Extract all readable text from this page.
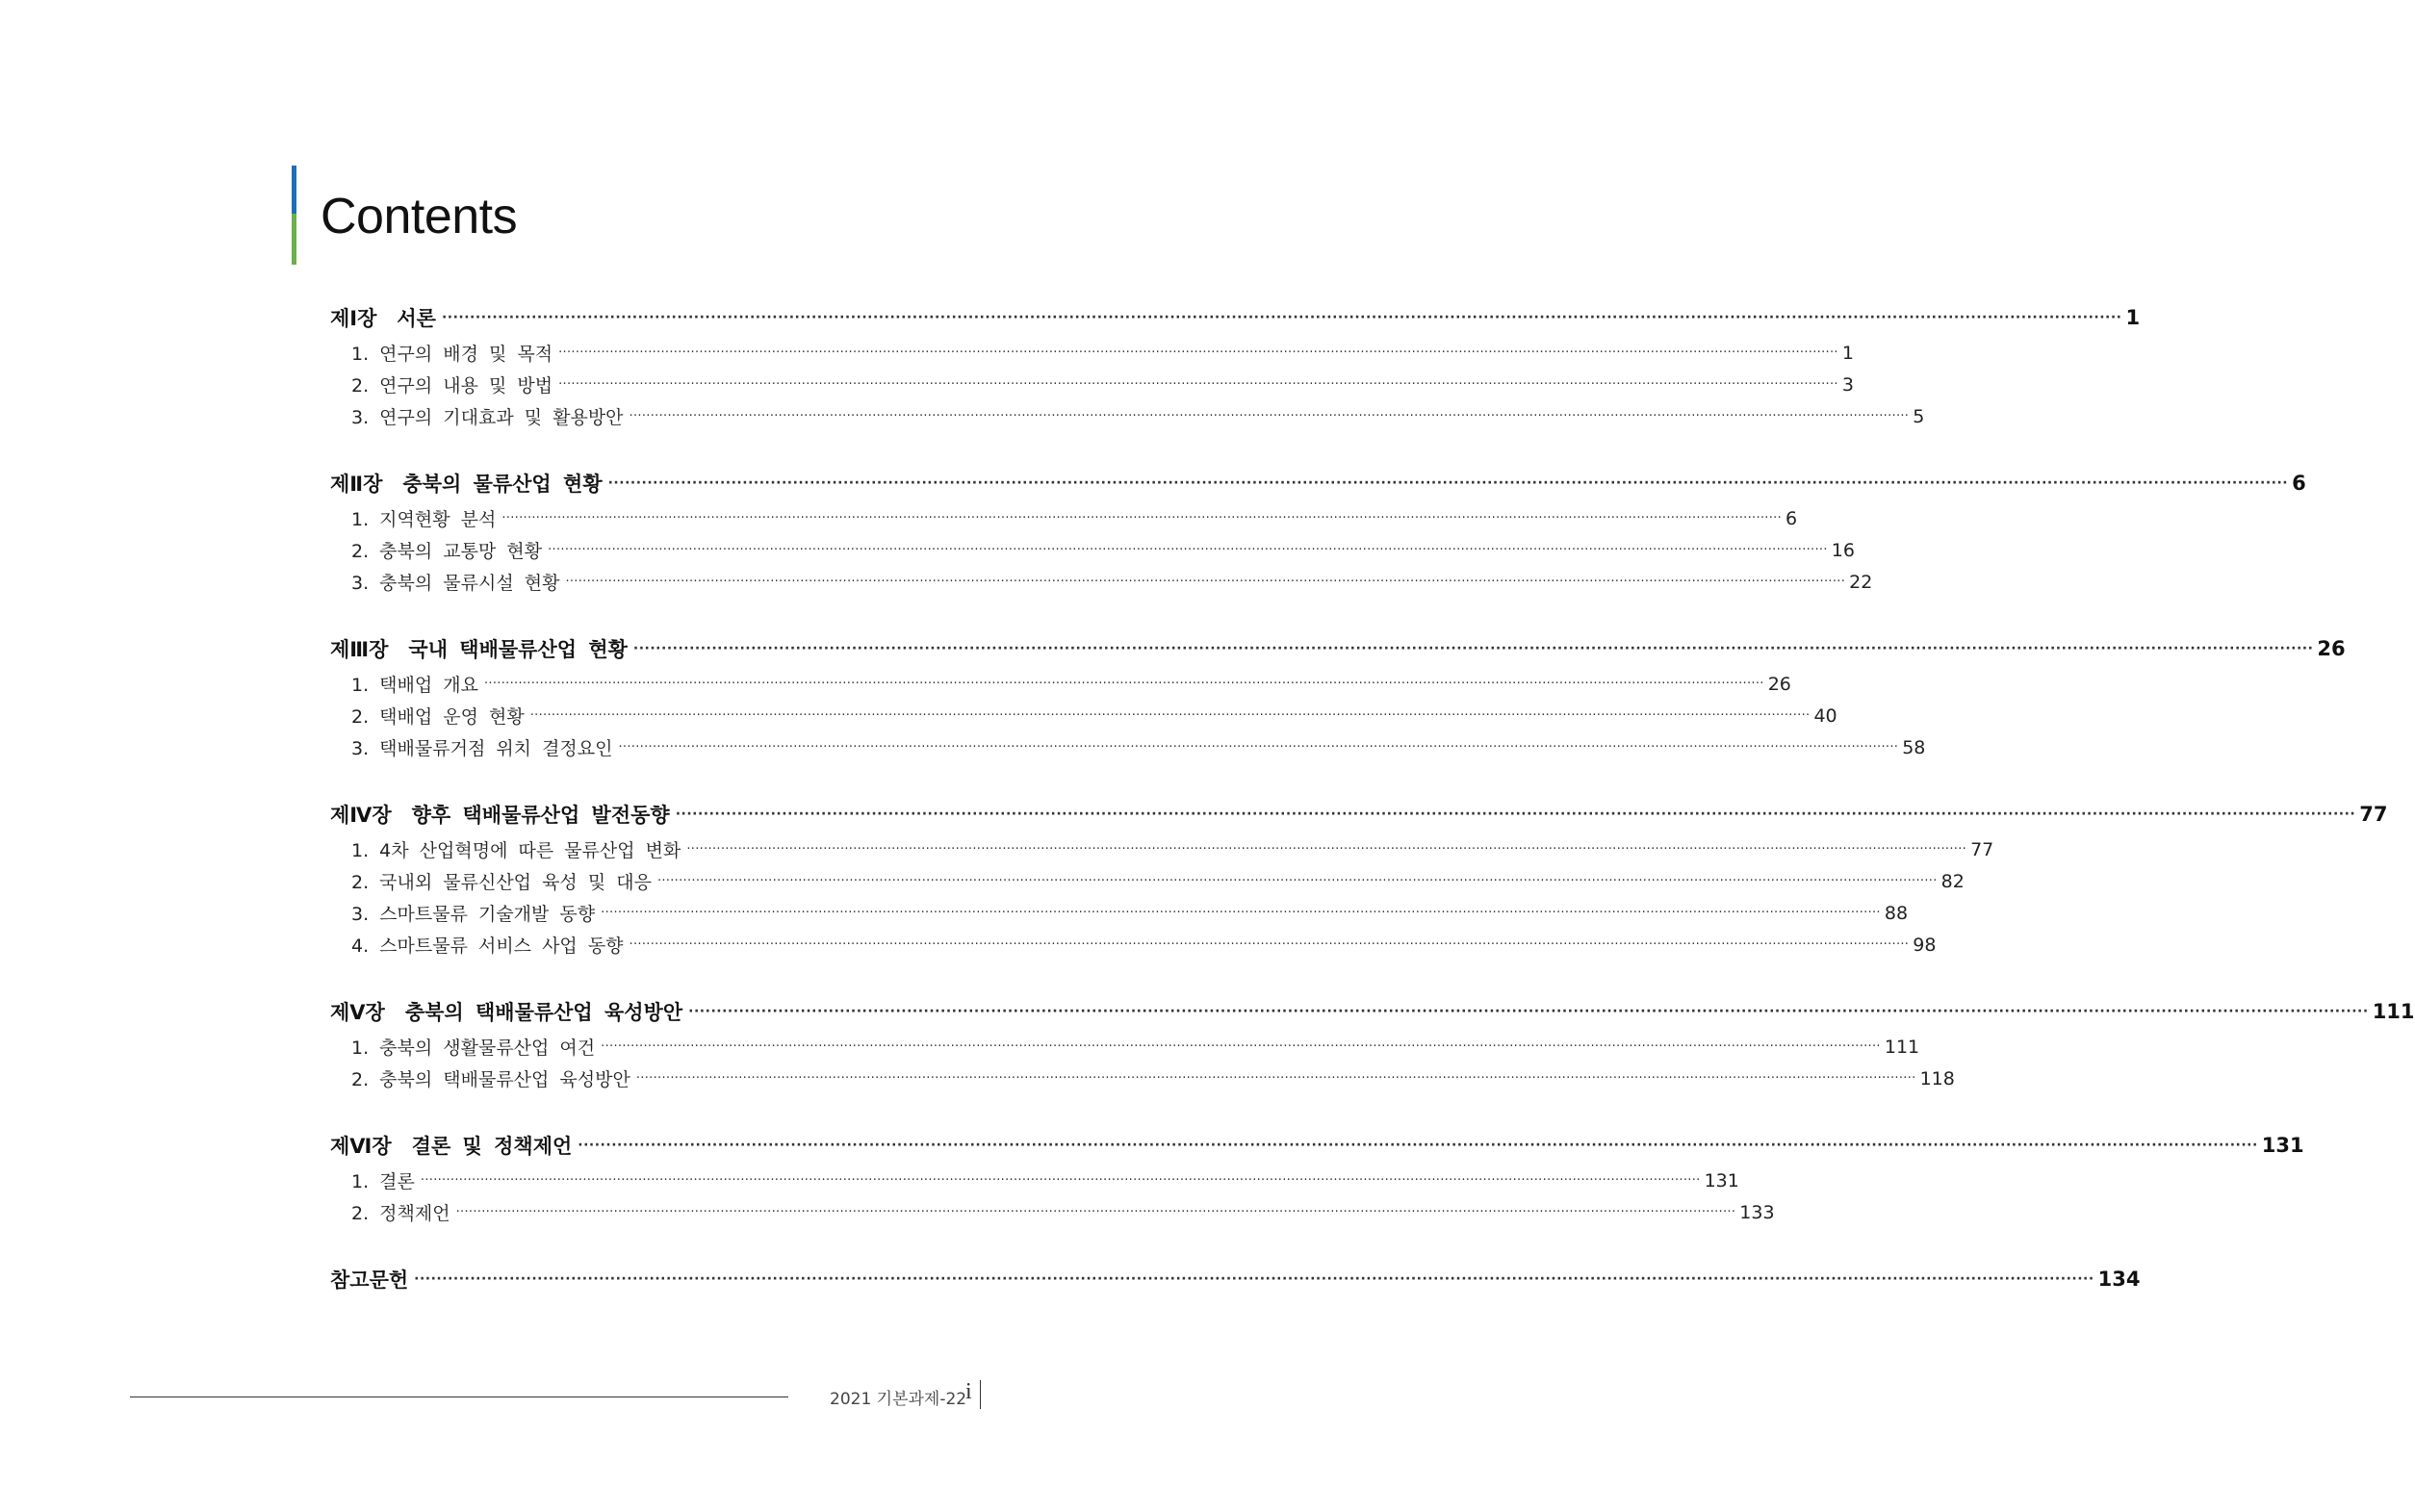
Contents
제Ⅰ장　서론 ············································································································································································································································································································ 1
1. 연구의 배경 및 목적 ············································································································································································································································································································ 1
2. 연구의 내용 및 방법 ············································································································································································································································································································ 3
3. 연구의 기대효과 및 활용방안 ············································································································································································································································································································ 5
제Ⅱ장　충북의 물류산업 현황 ············································································································································································································································································································ 6
1. 지역현황 분석 ············································································································································································································································································································ 6
2. 충북의 교통망 현황 ············································································································································································································································································································ 16
3. 충북의 물류시설 현황 ············································································································································································································································································································ 22
제Ⅲ장　국내 택배물류산업 현황 ············································································································································································································································································································ 26
1. 택배업 개요 ············································································································································································································································································································ 26
2. 택배업 운영 현황 ············································································································································································································································································································ 40
3. 택배물류거점 위치 결정요인 ············································································································································································································································································································ 58
제Ⅳ장　향후 택배물류산업 발전동향 ············································································································································································································································································································ 77
1. 4차 산업혁명에 따른 물류산업 변화 ············································································································································································································································································································ 77
2. 국내외 물류신산업 육성 및 대응 ············································································································································································································································································································ 82
3. 스마트물류 기술개발 동향 ············································································································································································································································································································ 88
4. 스마트물류 서비스 사업 동향 ············································································································································································································································································································ 98
제Ⅴ장　충북의 택배물류산업 육성방안 ············································································································································································································································································································ 111
1. 충북의 생활물류산업 여건 ············································································································································································································································································································ 111
2. 충북의 택배물류산업 육성방안 ············································································································································································································································································································ 118
제Ⅵ장　결론 및 정책제언 ············································································································································································································································································································ 131
1. 결론 ············································································································································································································································································································ 131
2. 정책제언 ············································································································································································································································································································ 133
참고문헌 ············································································································································································································································································································ 134
2021 기본과제-22
i
